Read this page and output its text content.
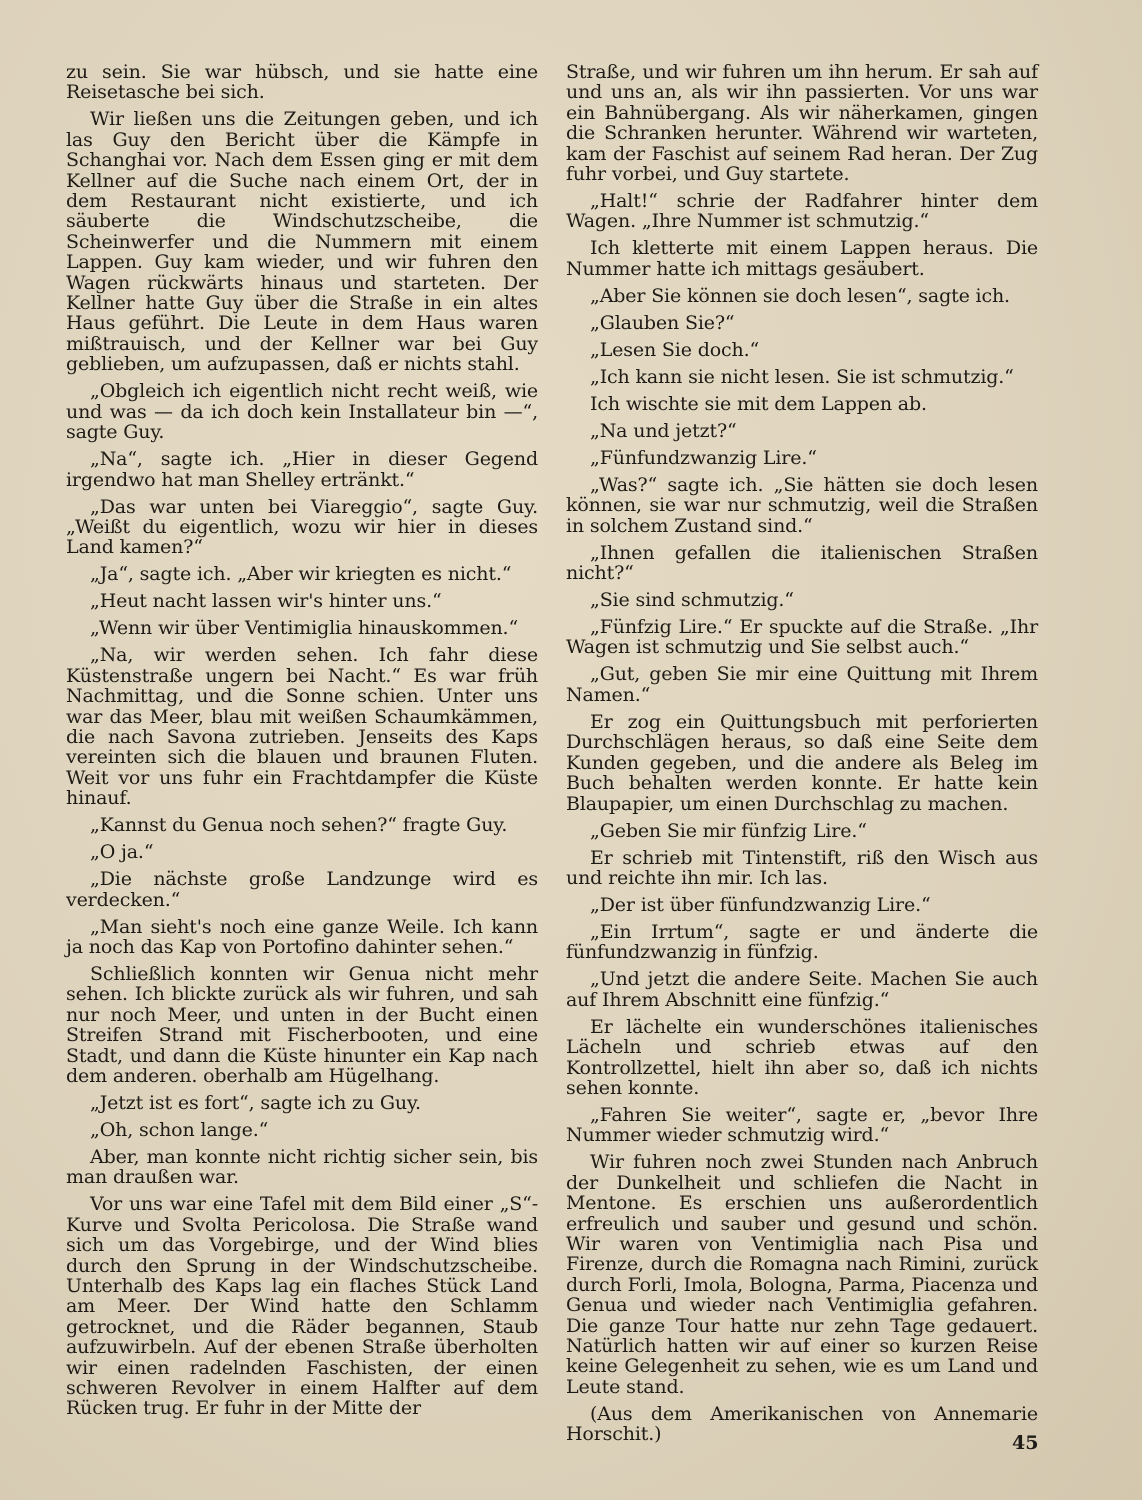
zu sein. Sie war hübsch, und sie hatte eine Reisetasche bei sich.

Wir ließen uns die Zeitungen geben, und ich las Guy den Bericht über die Kämpfe in Schanghai vor. Nach dem Essen ging er mit dem Kellner auf die Suche nach einem Ort, der in dem Restaurant nicht existierte, und ich säuberte die Windschutzscheibe, die Scheinwerfer und die Nummern mit einem Lappen. Guy kam wieder, und wir fuhren den Wagen rückwärts hinaus und starteten. Der Kellner hatte Guy über die Straße in ein altes Haus geführt. Die Leute in dem Haus waren mißtrauisch, und der Kellner war bei Guy geblieben, um aufzupassen, daß er nichts stahl.

„Obgleich ich eigentlich nicht recht weiß, wie und was — da ich doch kein Installateur bin —“, sagte Guy.

„Na“, sagte ich. „Hier in dieser Gegend irgendwo hat man Shelley ertränkt.“

„Das war unten bei Viareggio“, sagte Guy. „Weißt du eigentlich, wozu wir hier in dieses Land kamen?“

„Ja“, sagte ich. „Aber wir kriegten es nicht.“

„Heut nacht lassen wir's hinter uns.“

„Wenn wir über Ventimiglia hinauskommen.“

„Na, wir werden sehen. Ich fahr diese Küstenstraße ungern bei Nacht.“ Es war früh Nachmittag, und die Sonne schien. Unter uns war das Meer, blau mit weißen Schaumkämmen, die nach Savona zutrieben. Jenseits des Kaps vereinten sich die blauen und braunen Fluten. Weit vor uns fuhr ein Frachtdampfer die Küste hinauf.

„Kannst du Genua noch sehen?“ fragte Guy.

„O ja.“

„Die nächste große Landzunge wird es verdecken.“

„Man sieht's noch eine ganze Weile. Ich kann ja noch das Kap von Portofino dahinter sehen.“

Schließlich konnten wir Genua nicht mehr sehen. Ich blickte zurück als wir fuhren, und sah nur noch Meer, und unten in der Bucht einen Streifen Strand mit Fischerbooten, und eine Stadt, und dann die Küste hinunter ein Kap nach dem anderen. oberhalb am Hügelhang.

„Jetzt ist es fort“, sagte ich zu Guy.

„Oh, schon lange.“

Aber, man konnte nicht richtig sicher sein, bis man draußen war.

Vor uns war eine Tafel mit dem Bild einer „S“-Kurve und Svolta Pericolosa. Die Straße wand sich um das Vorgebirge, und der Wind blies durch den Sprung in der Windschutzscheibe. Unterhalb des Kaps lag ein flaches Stück Land am Meer. Der Wind hatte den Schlamm getrocknet, und die Räder begannen, Staub aufzuwirbeln. Auf der ebenen Straße überholten wir einen radelnden Faschisten, der einen schweren Revolver in einem Halfter auf dem Rücken trug. Er fuhr in der Mitte der

Straße, und wir fuhren um ihn herum. Er sah auf und uns an, als wir ihn passierten. Vor uns war ein Bahnübergang. Als wir näherkamen, gingen die Schranken herunter. Während wir warteten, kam der Faschist auf seinem Rad heran. Der Zug fuhr vorbei, und Guy startete.

„Halt!“ schrie der Radfahrer hinter dem Wagen. „Ihre Nummer ist schmutzig.“

Ich kletterte mit einem Lappen heraus. Die Nummer hatte ich mittags gesäubert.

„Aber Sie können sie doch lesen“, sagte ich.

„Glauben Sie?“

„Lesen Sie doch.“

„Ich kann sie nicht lesen. Sie ist schmutzig.“

Ich wischte sie mit dem Lappen ab.

„Na und jetzt?“

„Fünfundzwanzig Lire.“

„Was?“ sagte ich. „Sie hätten sie doch lesen können, sie war nur schmutzig, weil die Straßen in solchem Zustand sind.“

„Ihnen gefallen die italienischen Straßen nicht?“

„Sie sind schmutzig.“

„Fünfzig Lire.“ Er spuckte auf die Straße. „Ihr Wagen ist schmutzig und Sie selbst auch.“

„Gut, geben Sie mir eine Quittung mit Ihrem Namen.“

Er zog ein Quittungsbuch mit perforierten Durchschlägen heraus, so daß eine Seite dem Kunden gegeben, und die andere als Beleg im Buch behalten werden konnte. Er hatte kein Blaupapier, um einen Durchschlag zu machen.

„Geben Sie mir fünfzig Lire.“

Er schrieb mit Tintenstift, riß den Wisch aus und reichte ihn mir. Ich las.

„Der ist über fünfundzwanzig Lire.“

„Ein Irrtum“, sagte er und änderte die fünfundzwanzig in fünfzig.

„Und jetzt die andere Seite. Machen Sie auch auf Ihrem Abschnitt eine fünfzig.“

Er lächelte ein wunderschönes italienisches Lächeln und schrieb etwas auf den Kontrollzettel, hielt ihn aber so, daß ich nichts sehen konnte.

„Fahren Sie weiter“, sagte er, „bevor Ihre Nummer wieder schmutzig wird.“

Wir fuhren noch zwei Stunden nach Anbruch der Dunkelheit und schliefen die Nacht in Mentone. Es erschien uns außerordentlich erfreulich und sauber und gesund und schön. Wir waren von Ventimiglia nach Pisa und Firenze, durch die Romagna nach Rimini, zurück durch Forli, Imola, Bologna, Parma, Piacenza und Genua und wieder nach Ventimiglia gefahren. Die ganze Tour hatte nur zehn Tage gedauert. Natürlich hatten wir auf einer so kurzen Reise keine Gelegenheit zu sehen, wie es um Land und Leute stand.

(Aus dem Amerikanischen von Annemarie Horschit.)	45
